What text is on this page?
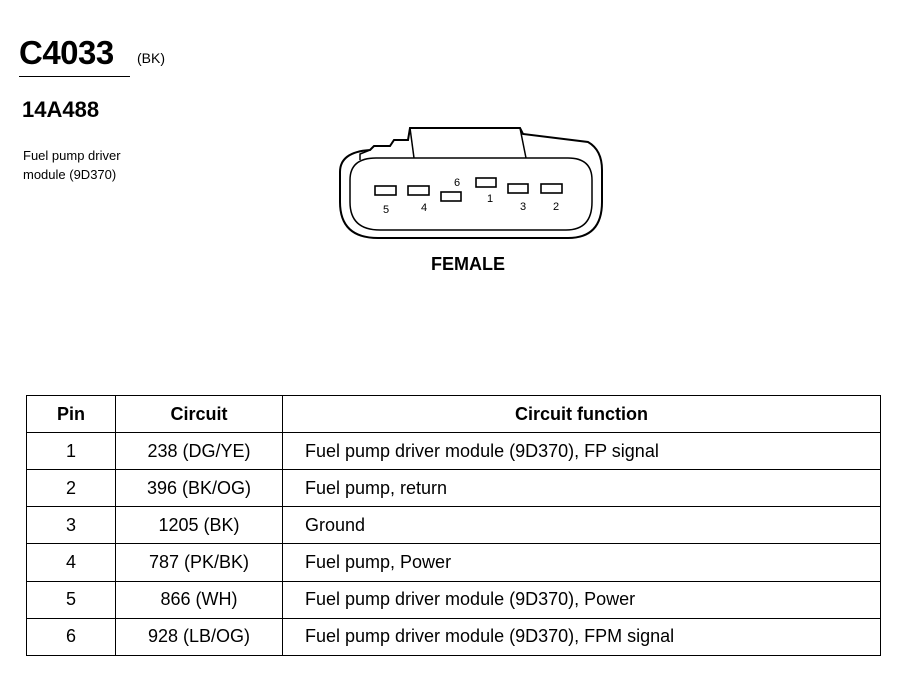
C4033 (BK)
14A488
Fuel pump driver
module (9D370)
5	4
6
1
3 2
FEMALE
Pin	Circuit	Circuit function
1	238 (DG/YE)	Fuel pump driver module (9D370), FP signal
2	396 (BK/OG)	Fuel pump, return
3	1205 (BK)	Ground
4	787 (PK/BK)	Fuel pump, Power
5	866 (WH)	Fuel pump driver module (9D370), Power
6	928 (LB/OG)	Fuel pump driver module (9D370), FPM signal
